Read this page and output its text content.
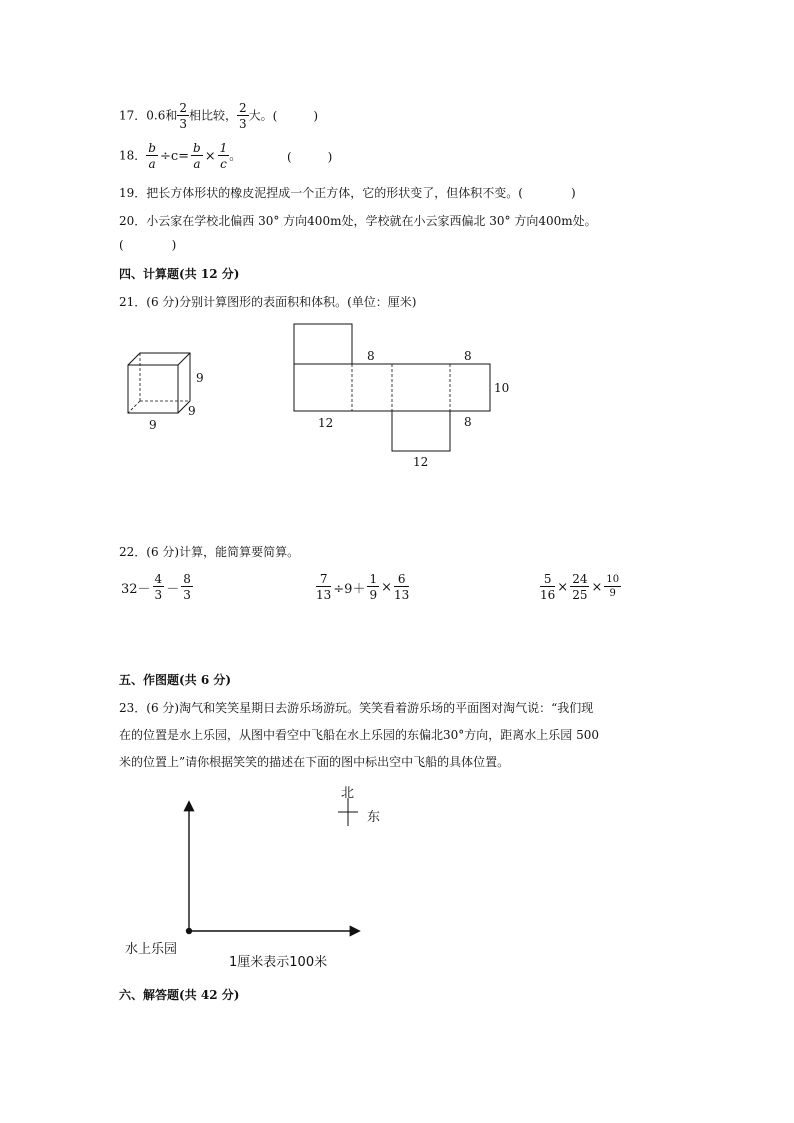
17．0.6和 $\frac{2}{3}$ 相比较， $\frac{2}{3}$ 大。(　　　)
18． $\frac{b}{a} \div c= \frac{b}{a} \times \frac{1}{c}$ 。	(　　　)
19．把长方体形状的橡皮泥捏成一个正方体，它的形状变了，但体积不变。(　　　　)
20．小云家在学校北偏西 30° 方向400m处，学校就在小云家西偏北 30° 方向400m处。
(　　　　)
四、计算题(共 12 分)
21．(6 分)分别计算图形的表面积和体积。(单位：厘米)
9
9
9
8	8
10
12	8
12
22．(6 分)计算，能简算要简算。
$32- \frac{4}{3} - \frac{8}{3}$	$\frac{7}{13} \div 9+ \frac{1}{9} \times \frac{6}{13}$	$\frac{5}{16} \times \frac{24}{25} \times \frac{10}{9}$
五、作图题(共 6 分)
23．(6 分)淘气和笑笑星期日去游乐场游玩。笑笑看着游乐场的平面图对淘气说：“我们现
在的位置是水上乐园，从图中看空中飞船在水上乐园的东偏北30°方向，距离水上乐园 500
米的位置上”请你根据笑笑的描述在下面的图中标出空中飞船的具体位置。
北
东
水上乐园
1厘米表示100米
六、解答题(共 42 分)
